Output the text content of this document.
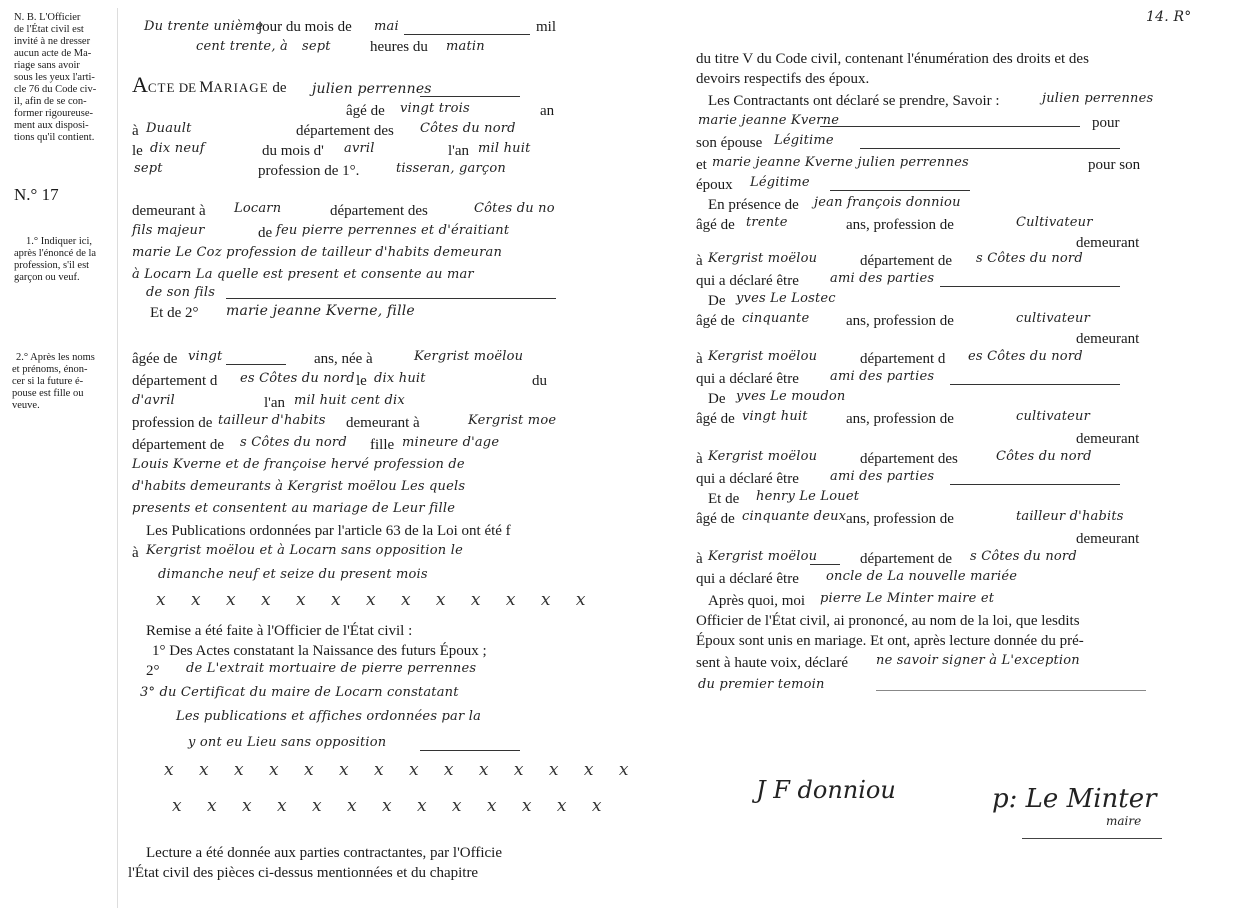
N. B. L'Officier
de l'État civil est
invité à ne dresser
aucun acte de Ma-
riage sans avoir
sous les yeux l'arti-
cle 76 du Code civ-
il, afin de se con-
former rigoureuse-
ment aux disposi-
tions qu'il contient.
N.° 17
1.° Indiquer ici,
après l'énoncé de la
profession, s'il est
garçon ou veuf.
2.° Après les noms
et prénoms, énon-
cer si la future é-
pouse est fille ou
veuve.
Du trente unième
jour du mois de mai	mil
cent trente, à sept	heures du matin
ACTE DE MARIAGE de julien perrennes
âgé de vingt trois	an
à Duault	département des Côtes du nord
le dix neuf	du mois d' avril	l'an mil huit
sept	profession de 1°.	tisseran, garçon
demeurant à Locarn	département des	Côtes du no
fils majeur	de feu pierre perrennes et d'éraitiant
marie Le Coz profession de tailleur d'habits demeuran
à Locarn La quelle est present et consente au mar
de son fils
Et de 2° marie jeanne Kverne, fille
âgée de vingt	ans, née à	Kergrist moëlou
département d es Côtes du nord le dix huit	du
d'avril	l'an mil huit cent dix
profession de tailleur d'habits demeurant à	Kergrist moe
département de s Côtes du nord fille mineure d'age
Louis Kverne et de françoise hervé profession de
d'habits demeurants à Kergrist moëlou Les quels
presents et consentent au mariage de Leur fille
Les Publications ordonnées par l'article 63 de la Loi ont été f
à Kergrist moëlou et à Locarn sans opposition le
dimanche neuf et seize du present mois
x x x x x x x x x x x x x
Remise a été faite à l'Officier de l'État civil :
1° Des Actes constatant la Naissance des futurs Époux ;
2° de L'extrait mortuaire de pierre perrennes
3° du Certificat du maire de Locarn constatant
Les publications et affiches ordonnées par la
y ont eu Lieu sans opposition
x x x x x x x x x x x x x x
x x x x x x x x x x x x x
Lecture a été donnée aux parties contractantes, par l'Officie
l'État civil des pièces ci-dessus mentionnées et du chapitre
14. R°
du titre V du Code civil, contenant l'énumération des droits et des
devoirs respectifs des époux.
Les Contractants ont déclaré se prendre, Savoir :	julien perrennes
marie jeanne Kverne	pour
son épouse Légitime
et marie jeanne Kverne julien perrennes	pour son
époux Légitime
En présence de jean françois donniou
âgé de trente	ans, profession de	Cultivateur
demeurant
à Kergrist moëlou	département de s Côtes du nord
qui a déclaré être ami des parties
De yves Le Lostec
âgé de cinquante ans, profession de	cultivateur
demeurant
à Kergrist moëlou	département d es Côtes du nord
qui a déclaré être ami des parties
De yves Le moudon
âgé de vingt huit	ans, profession de	cultivateur
demeurant
à Kergrist moëlou	département des	Côtes du nord
qui a déclaré être ami des parties
Et de henry Le Louet
âgé de cinquante deux ans, profession de	tailleur d'habits
demeurant
à Kergrist moëlou	département de s Côtes du nord
qui a déclaré être oncle de La nouvelle mariée
Après quoi, moi pierre Le Minter maire et
Officier de l'État civil, ai prononcé, au nom de la loi, que lesdits
Époux sont unis en mariage. Et ont, après lecture donnée du pré-
sent à haute voix, déclaré ne savoir signer à L'exception
du premier temoin
J F donniou	p: Le Minter
maire
